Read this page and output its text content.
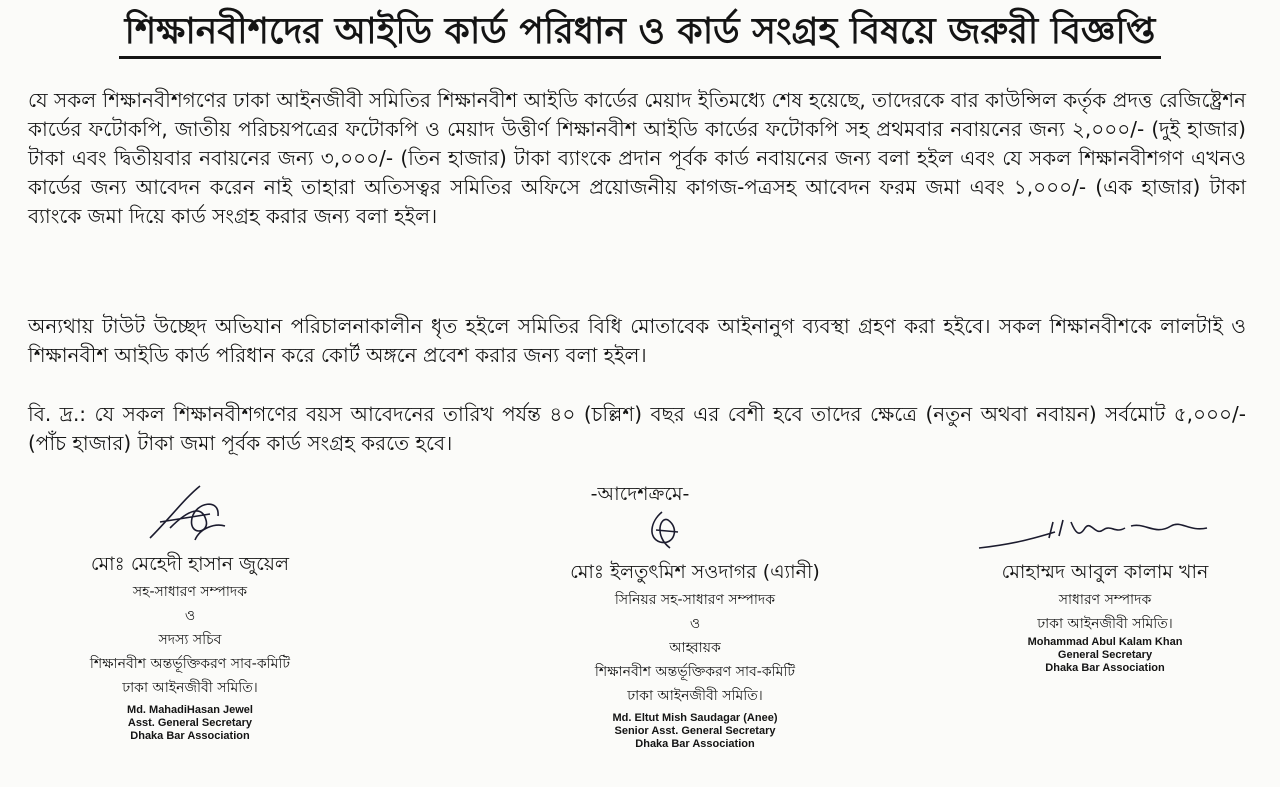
শিক্ষানবীশদের আইডি কার্ড পরিধান ও কার্ড সংগ্রহ বিষয়ে জরুরী বিজ্ঞপ্তি
যে সকল শিক্ষানবীশগণের ঢাকা আইনজীবী সমিতির শিক্ষানবীশ আইডি কার্ডের মেয়াদ ইতিমধ্যে শেষ হয়েছে, তাদেরকে বার কাউন্সিল কর্তৃক প্রদত্ত রেজিষ্ট্রেশন কার্ডের ফটোকপি, জাতীয় পরিচয়পত্রের ফটোকপি ও মেয়াদ উত্তীর্ণ শিক্ষানবীশ আইডি কার্ডের ফটোকপি সহ প্রথমবার নবায়নের জন্য ২,০০০/- (দুই হাজার) টাকা এবং দ্বিতীয়বার নবায়নের জন্য ৩,০০০/- (তিন হাজার) টাকা ব্যাংকে প্রদান পূর্বক কার্ড নবায়নের জন্য বলা হইল এবং যে সকল শিক্ষানবীশগণ এখনও কার্ডের জন্য আবেদন করেন নাই তাহারা অতিসত্বর সমিতির অফিসে প্রয়োজনীয় কাগজ-পত্রসহ আবেদন ফরম জমা এবং ১,০০০/- (এক হাজার) টাকা ব্যাংকে জমা দিয়ে কার্ড সংগ্রহ করার জন্য বলা হইল।
অন্যথায় টাউট উচ্ছেদ অভিযান পরিচালনাকালীন ধৃত হইলে সমিতির বিধি মোতাবেক আইনানুগ ব্যবস্থা গ্রহণ করা হইবে। সকল শিক্ষানবীশকে লালটাই ও শিক্ষানবীশ আইডি কার্ড পরিধান করে কোর্ট অঙ্গনে প্রবেশ করার জন্য বলা হইল।
বি. দ্র.: যে সকল শিক্ষানবীশগণের বয়স আবেদনের তারিখ পর্যন্ত ৪০ (চল্লিশ) বছর এর বেশী হবে তাদের ক্ষেত্রে (নতুন অথবা নবায়ন) সর্বমোট ৫,০০০/- (পাঁচ হাজার) টাকা জমা পূর্বক কার্ড সংগ্রহ করতে হবে।
-আদেশক্রমে-
মোঃ মেহেদী হাসান জুয়েল
সহ-সাধারণ সম্পাদক
ও
সদস্য সচিব
শিক্ষানবীশ অন্তর্ভূক্তিকরণ সাব-কমিটি
ঢাকা আইনজীবী সমিতি।
Md. MahadiHasan Jewel
Asst. General Secretary
Dhaka Bar Association
মোঃ ইলতুৎমিশ সওদাগর (এ্যানী)
সিনিয়র সহ-সাধারণ সম্পাদক
ও
আহ্বায়ক
শিক্ষানবীশ অন্তর্ভূক্তিকরণ সাব-কমিটি
ঢাকা আইনজীবী সমিতি।
Md. Eltut Mish Saudagar (Anee)
Senior Asst. General Secretary
Dhaka Bar Association
মোহাম্মদ আবুল কালাম খান
সাধারণ সম্পাদক
ঢাকা আইনজীবী সমিতি।
Mohammad Abul Kalam Khan
General Secretary
Dhaka Bar Association
